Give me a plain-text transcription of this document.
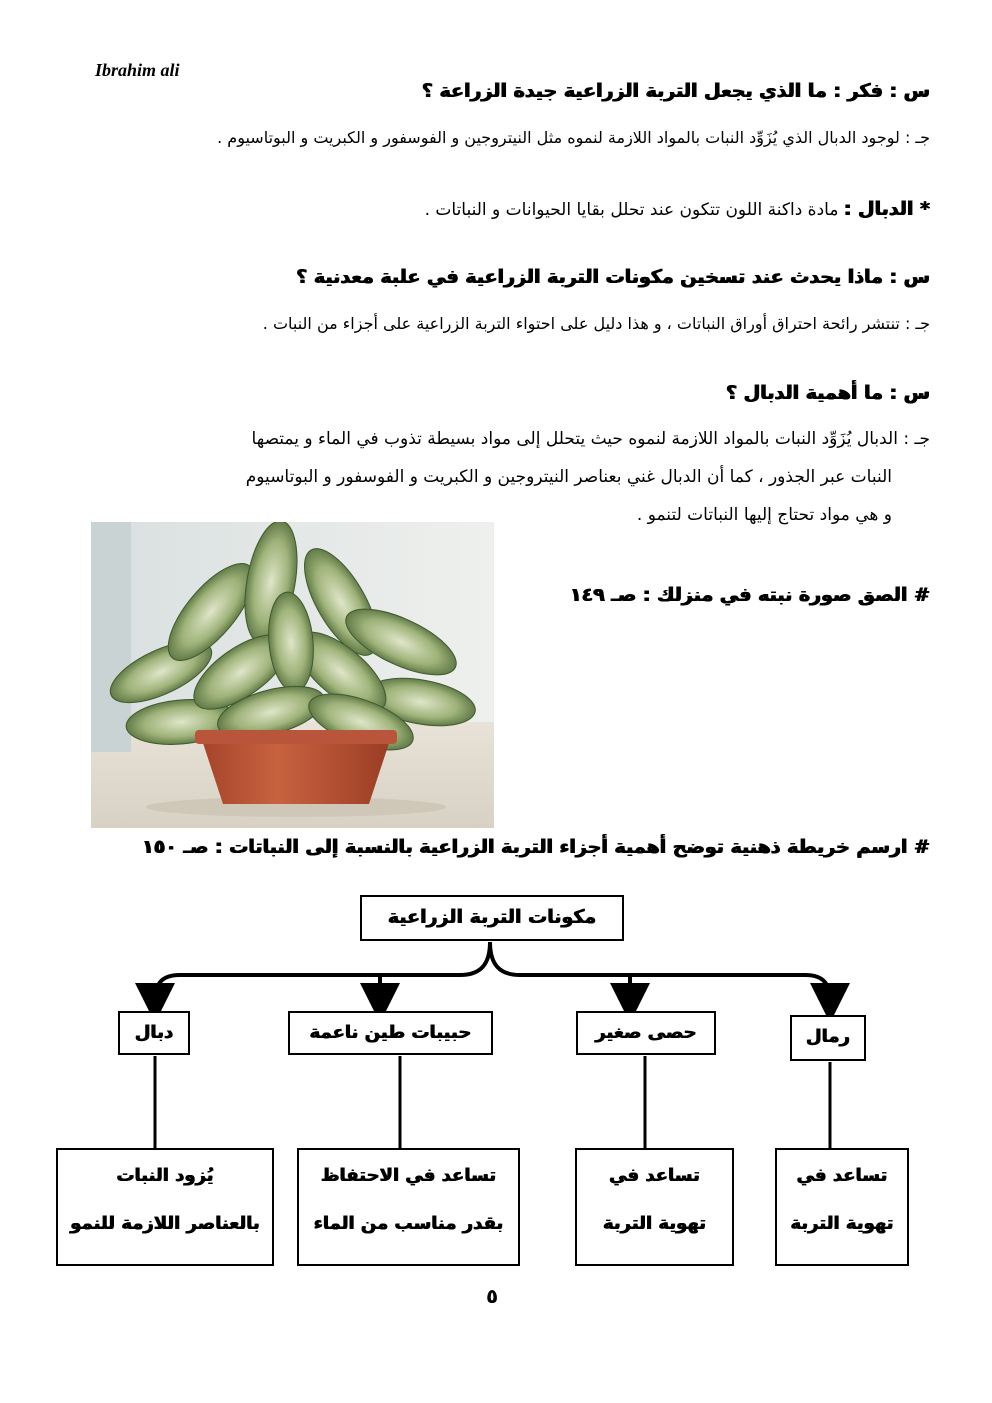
Ibrahim ali
س : فكر : ما الذي يجعل التربة الزراعية جيدة الزراعة ؟
جـ : لوجود الدبال الذي يُزَوِّد النبات بالمواد اللازمة لنموه مثل النيتروجين و الفوسفور و الكبريت و البوتاسيوم .
* الدبال : مادة داكنة اللون تتكون عند تحلل بقايا الحيوانات و النباتات .
س : ماذا يحدث عند تسخين مكونات التربة الزراعية في علبة معدنية ؟
جـ : تنتشر رائحة احتراق أوراق النباتات ، و هذا دليل على احتواء التربة الزراعية على أجزاء من النبات .
س : ما أهمية الدبال ؟
جـ : الدبال يُزَوِّد النبات بالمواد اللازمة لنموه حيث يتحلل إلى مواد بسيطة تذوب في الماء و يمتصها
النبات عبر الجذور ، كما أن الدبال غني بعناصر النيتروجين و الكبريت و الفوسفور و البوتاسيوم
و هي مواد تحتاج إليها النباتات لتنمو .
# الصق صورة نبته في منزلك : صـ ١٤٩
# ارسم خريطة ذهنية توضح أهمية أجزاء التربة الزراعية بالنسبة إلى النباتات : صـ ١٥٠
مكونات التربة الزراعية
رمال
حصى صغير
حبيبات طين ناعمة
دبال
تساعد في
تهوية التربة
تساعد في
تهوية التربة
تساعد في الاحتفاظ
بقدر مناسب من الماء
يُزود النبات
بالعناصر اللازمة للنمو
٥
